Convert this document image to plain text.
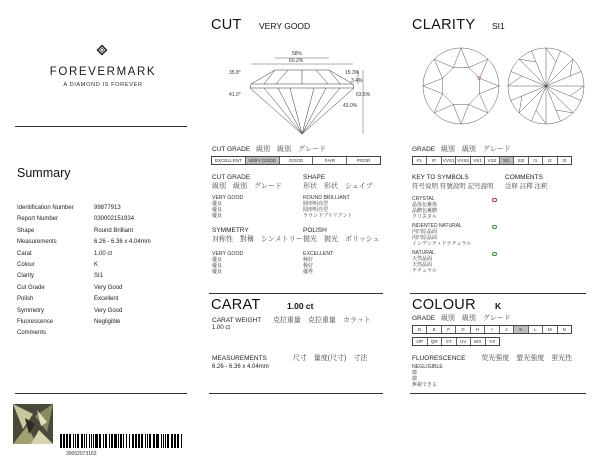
FOREVERMARK
A DIAMOND IS FOREVER
Summary
Identification Number	99877913
Report Number	030002151934
Shape	Round Brilliant
Measurements	6.26 - 6.36 x 4.04mm
Carat	1.00 ct
Colour	K
Clarity	SI1
Cut Grade	Very Good
Polish	Excellent
Symmetry	Very Good
Fluorescence	Negligible
Comments
30002073163
CUT VERY GOOD
58%
60.2%
35.8°	15.3%
3.4%
63.5%
41.0°
43.0%
CUT GRADE 級別　級別　グレード
EXCELLENT	VERY GOOD	GOOD	FAIR	POOR
CUT GRADE
級別　級別　グレード
VERY GOOD
優良
優良
優良
SHAPE
形状　形状　シェイプ
ROUND BRILLIANT
圓形明亮型
圆形明亮型
ラウンドブリリアント
SYMMETRY
対称性　對稱　シンメトリー
VERY GOOD
優良
優良
優良
POLISH
拋光　拋光　ポリッシュ
EXCELLENT
極好
极好
優秀
CARAT	1.00 ct
CARAT WEIGHT 克拉重量　克拉重量　カラット
1.00 ct
MEASUREMENTS	尺寸　量度(尺寸)　寸法
6.26 - 6.36 x 4.04mm
CLARITY SI1
GRADE 級別　級別　グレード
FL	IF	VVS1 VVS2 VS1	VS2	SI1	SI2	I1	I2	I3
KEY TO SYMBOLS
符号说明 符號說明 記号説明
COMMENTS
注释 註釋 注釈
CRYSTAL
晶体包裹体
晶體包裹體
クリスタル
INDENTED NATURAL
内凹原晶面
內凹原晶面
インデンティドナチュラル
NATURAL
天然晶面
天然晶面
ナチュラル
COLOUR K
GRADE 級別　級別　グレード
D	E	F	G	H	I	J	K	L	M	N
OP	QR	ST	UV	WX	YZ
FLUORESCENCE 荧光强度　螢光強度　蛍光性
NEGLIGIBLE
微
微
無視できる
